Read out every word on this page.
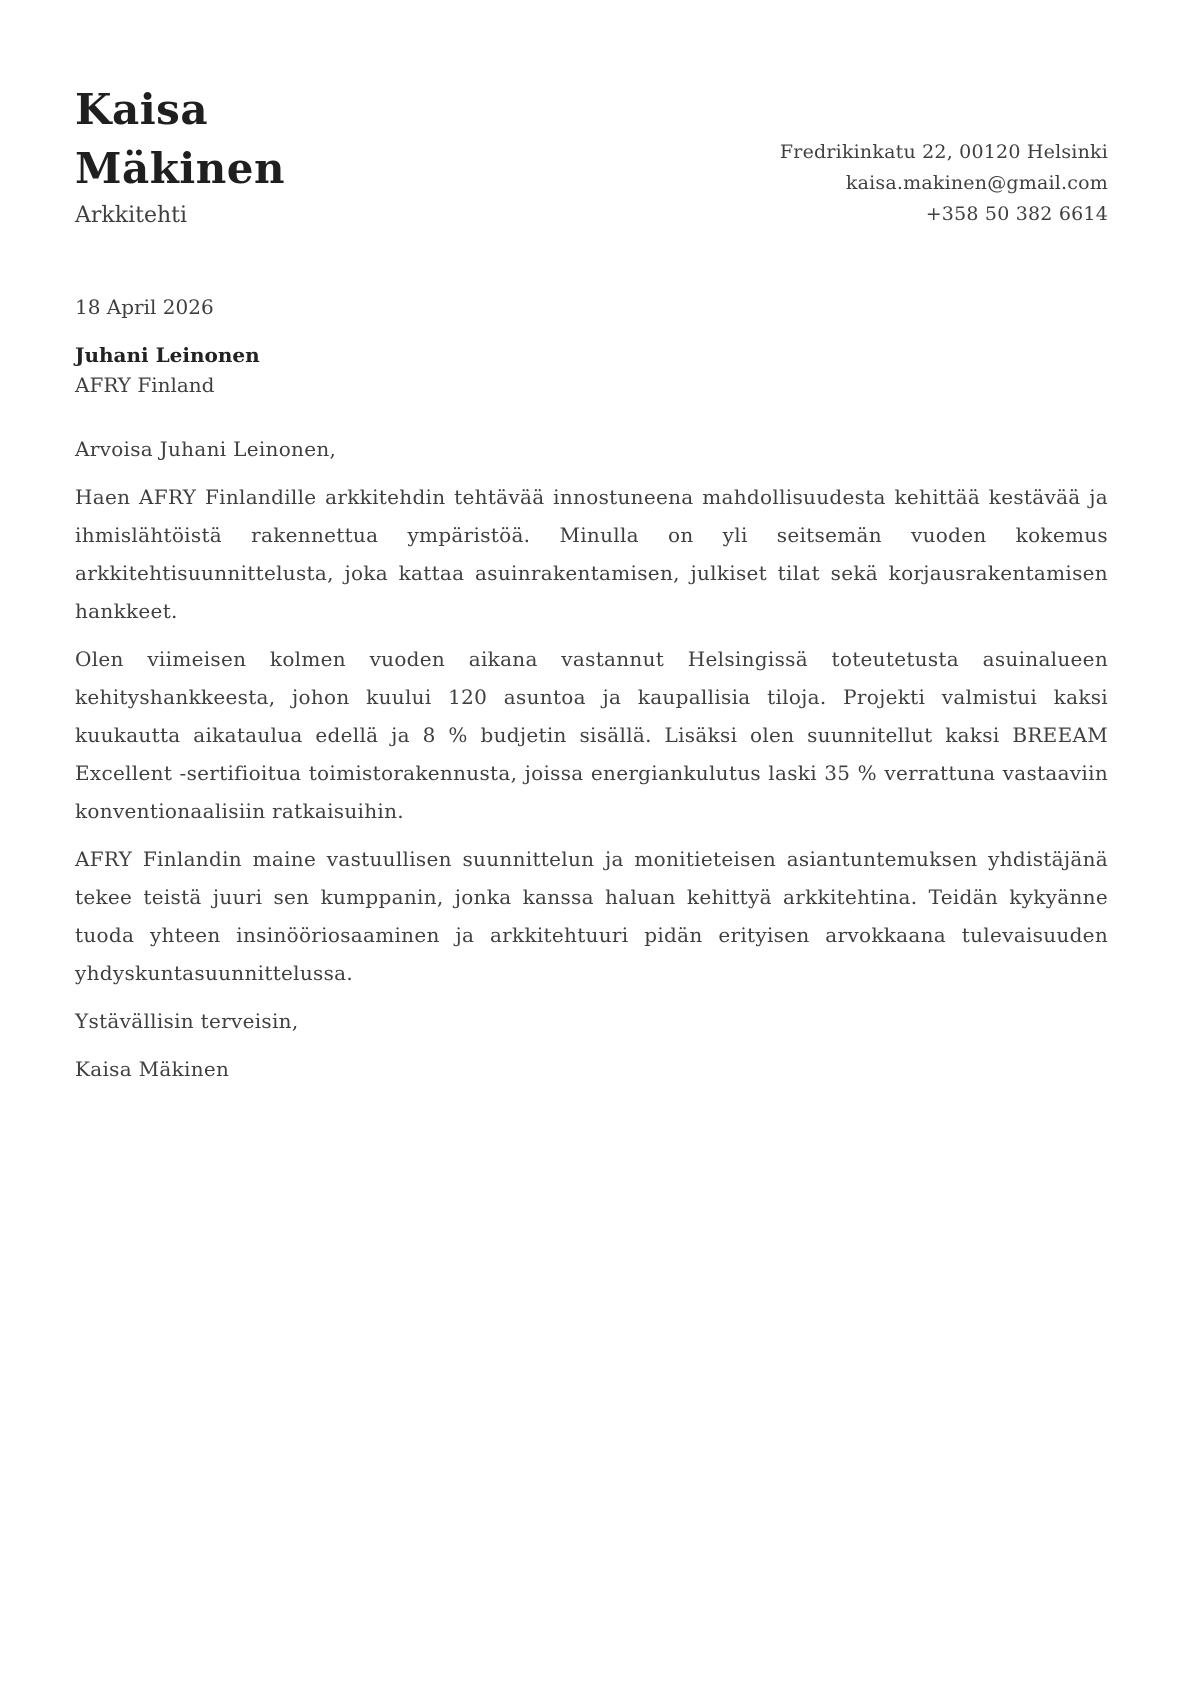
Kaisa
Mäkinen
Arkkitehti
Fredrikinkatu 22, 00120 Helsinki
kaisa.makinen@gmail.com
+358 50 382 6614
18 April 2026
Juhani Leinonen
AFRY Finland

Arvoisa Juhani Leinonen,

Haen AFRY Finlandille arkkitehdin tehtävää innostuneena mahdollisuudesta kehittää kestävää ja ihmislähtöistä rakennettua ympäristöä. Minulla on yli seitsemän vuoden kokemus arkkitehtisuunnittelusta, joka kattaa asuinrakentamisen, julkiset tilat sekä korjausrakentamisen hankkeet.

Olen viimeisen kolmen vuoden aikana vastannut Helsingissä toteutetusta asuinalueen kehityshankkeesta, johon kuului 120 asuntoa ja kaupallisia tiloja. Projekti valmistui kaksi kuukautta aikataulua edellä ja 8 % budjetin sisällä. Lisäksi olen suunnitellut kaksi BREEAM Excellent -sertifioitua toimistorakennusta, joissa energiankulutus laski 35 % verrattuna vastaaviin konventionaalisiin ratkaisuihin.

AFRY Finlandin maine vastuullisen suunnittelun ja monitieteisen asiantuntemuksen yhdistäjänä tekee teistä juuri sen kumppanin, jonka kanssa haluan kehittyä arkkitehtina. Teidän kykyänne tuoda yhteen insinööriosaaminen ja arkkitehtuuri pidän erityisen arvokkaana tulevaisuuden yhdyskuntasuunnittelussa.

Ystävällisin terveisin,

Kaisa Mäkinen
